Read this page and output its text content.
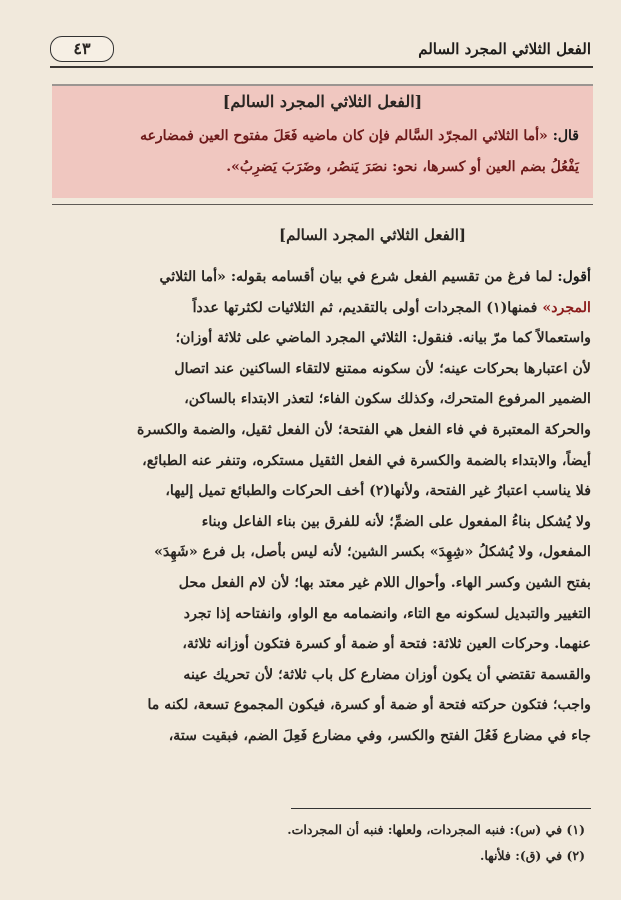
الفعل الثلاثي المجرد السالم
٤٣
[الفعل الثلاثي المجرد السالم]
قال: «أما الثلاثي المجرّد السَّالم فإن كان ماضيه فَعَلَ مفتوح العين فمضارعه
يَفْعُلُ بضم العين أو كسرها، نحو: نصَرَ يَنصُر، وضَرَبَ يَضرِبُ».
[الفعل الثلاثي المجرد السالم]
أقول: لما فرغ من تقسيم الفعل شرع في بيان أقسامه بقوله: «أما الثلاثي
المجرد» فمنها(١) المجردات أولى بالتقديم، ثم الثلاثيات لكثرتها عدداً
واستعمالاً كما مرّ بيانه. فنقول: الثلاثي المجرد الماضي على ثلاثة أوزان؛
لأن اعتبارها بحركات عينه؛ لأن سكونه ممتنع لالتقاء الساكنين عند اتصال
الضمير المرفوع المتحرك، وكذلك سكون الفاء؛ لتعذر الابتداء بالساكن،
والحركة المعتبرة في فاء الفعل هي الفتحة؛ لأن الفعل ثقيل، والضمة والكسرة
أيضاً، والابتداء بالضمة والكسرة في الفعل الثقيل مستكره، وتنفر عنه الطبائع،
فلا يناسب اعتبارُ غير الفتحة، ولأنها(٢) أخف الحركات والطبائع تميل إليها،
ولا يُشكل بناءُ المفعول على الضمِّ؛ لأنه للفرق بين بناء الفاعل وبناء
المفعول، ولا يُشكلُ «شِهِدَ» بكسر الشين؛ لأنه ليس بأصل، بل فرع «شَهِدَ»
بفتح الشين وكسر الهاء. وأحوال اللام غير معتد بها؛ لأن لام الفعل محل
التغيير والتبديل لسكونه مع التاء، وانضمامه مع الواو، وانفتاحه إذا تجرد
عنهما. وحركات العين ثلاثة: فتحة أو ضمة أو كسرة فتكون أوزانه ثلاثة،
والقسمة تقتضي أن يكون أوزان مضارع كل باب ثلاثة؛ لأن تحريك عينه
واجب؛ فتكون حركته فتحة أو ضمة أو كسرة، فيكون المجموع تسعة، لكنه ما
جاء في مضارع فَعُلَ الفتح والكسر، وفي مضارع فَعِلَ الضم، فبقيت ستة،
(١) في (س): فنبه المجردات، ولعلها: فنبه أن المجردات.
(٢) في (ق): فلأنها.
